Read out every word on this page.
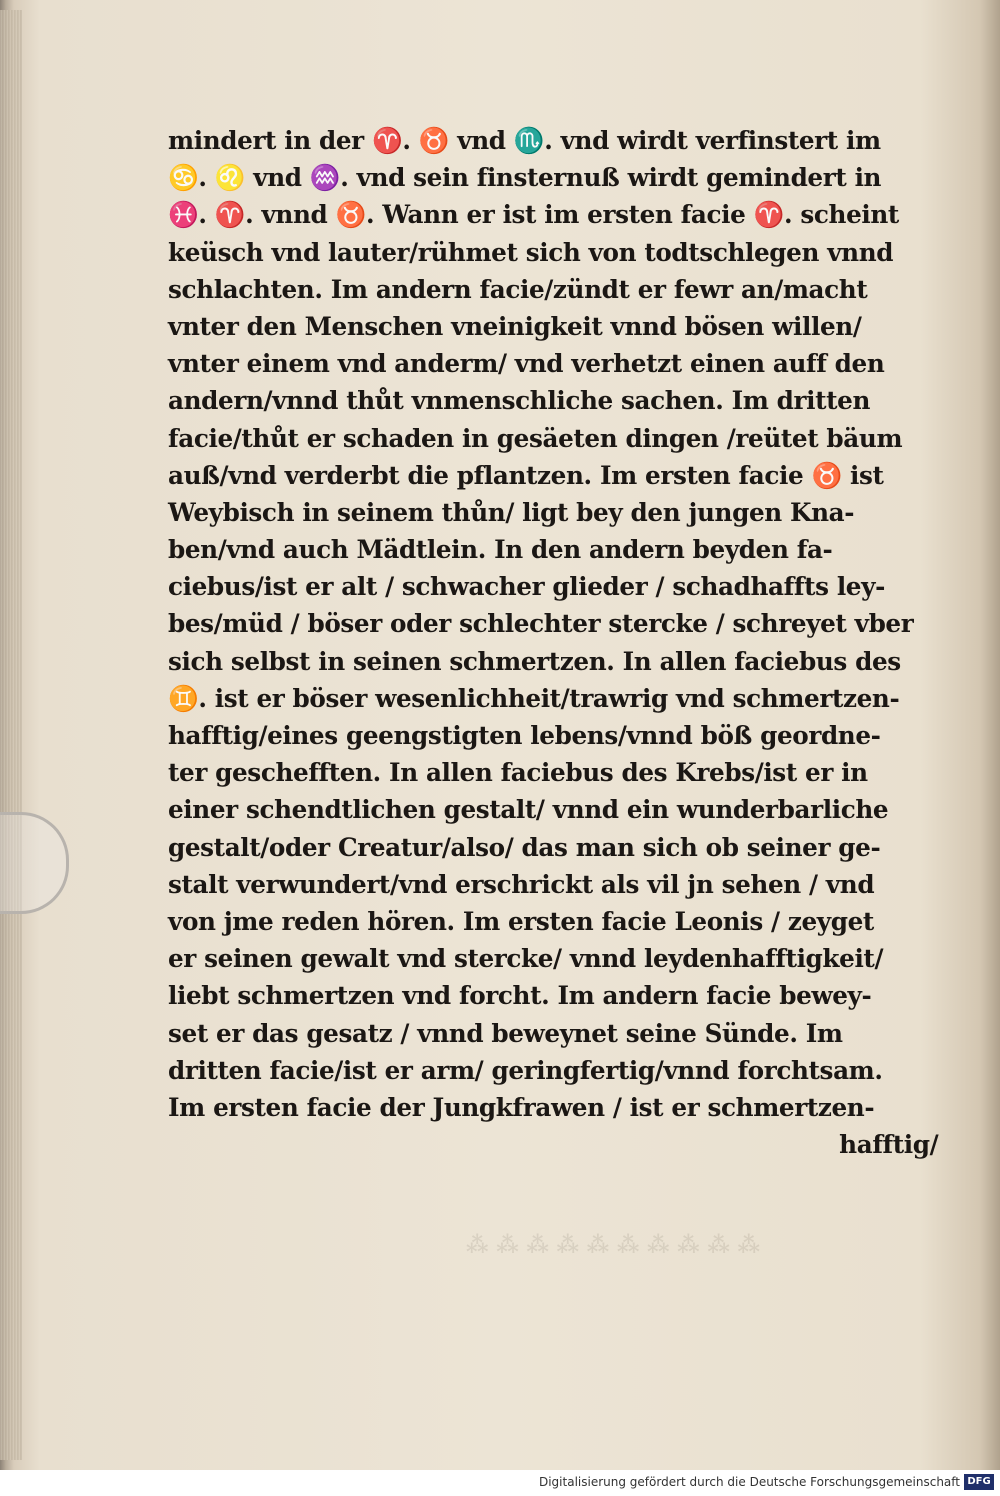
mindert in der ♈. ♉ vnd ♏. vnd wirdt verfinstert im
♋. ♌ vnd ♒. vnd sein finsternuß wirdt gemindert in
♓. ♈. vnnd ♉. Wann er ist im ersten facie ♈. scheint
keüsch vnd lauter/rühmet sich von todtschlegen vnnd
schlachten. Im andern facie/zündt er fewr an/macht
vnter den Menschen vneinigkeit vnnd bösen willen/
vnter einem vnd anderm/ vnd verhetzt einen auff den
andern/vnnd thůt vnmenschliche sachen. Im dritten
facie/thůt er schaden in gesäeten dingen /reütet bäum
auß/vnd verderbt die pflantzen. Im ersten facie ♉ ist
Weybisch in seinem thůn/ ligt bey den jungen Kna-
ben/vnd auch Mädtlein. In den andern beyden fa-
ciebus/ist er alt / schwacher glieder / schadhaffts ley-
bes/müd / böser oder schlechter stercke / schreyet vber
sich selbst in seinen schmertzen. In allen faciebus des
♊. ist er böser wesenlichheit/trawrig vnd schmertzen-
hafftig/eines geengstigten lebens/vnnd böß geordne-
ter geschefften. In allen faciebus des Krebs/ist er in
einer schendtlichen gestalt/ vnnd ein wunderbarliche
gestalt/oder Creatur/also/ das man sich ob seiner ge-
stalt verwundert/vnd erschrickt als vil jn sehen / vnd
von jme reden hören. Im ersten facie Leonis / zeyget
er seinen gewalt vnd stercke/ vnnd leydenhafftigkeit/
liebt schmertzen vnd forcht. Im andern facie bewey-
set er das gesatz / vnnd beweynet seine Sünde. Im
dritten facie/ist er arm/ geringfertig/vnnd forchtsam.
Im ersten facie der Jungkfrawen / ist er schmertzen-
hafftig/
⁂ ⁂ ⁂ ⁂ ⁂ ⁂ ⁂ ⁂ ⁂ ⁂
Digitalisierung gefördert durch die Deutsche Forschungsgemeinschaft DFG
